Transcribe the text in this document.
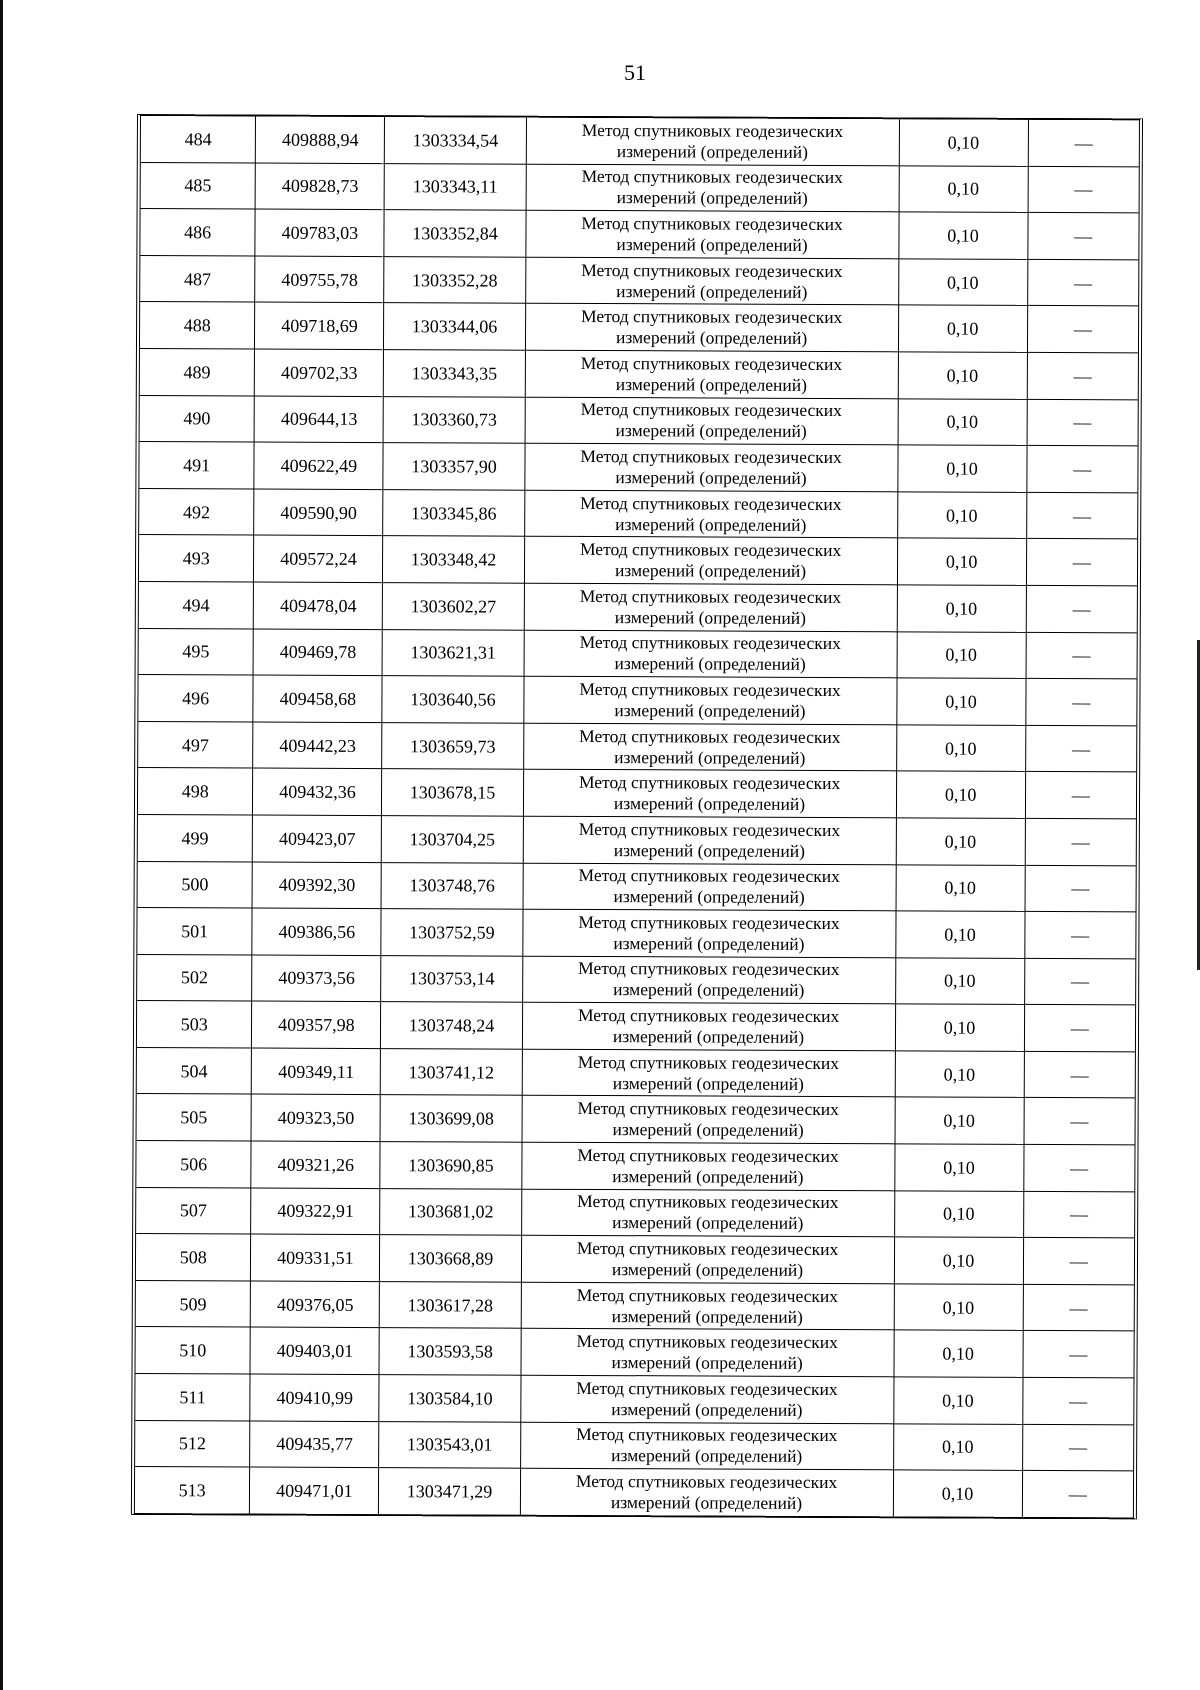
51
484	409888,94	1303334,54	Метод спутниковых геодезических
измерений (определений)	0,10	—
485	409828,73	1303343,11	Метод спутниковых геодезических
измерений (определений)	0,10	—
486	409783,03	1303352,84	Метод спутниковых геодезических
измерений (определений)	0,10	—
487	409755,78	1303352,28	Метод спутниковых геодезических
измерений (определений)	0,10	—
488	409718,69	1303344,06	Метод спутниковых геодезических
измерений (определений)	0,10	—
489	409702,33	1303343,35	Метод спутниковых геодезических
измерений (определений)	0,10	—
490	409644,13	1303360,73	Метод спутниковых геодезических
измерений (определений)	0,10	—
491	409622,49	1303357,90	Метод спутниковых геодезических
измерений (определений)	0,10	—
492	409590,90	1303345,86	Метод спутниковых геодезических
измерений (определений)	0,10	—
493	409572,24	1303348,42	Метод спутниковых геодезических
измерений (определений)	0,10	—
494	409478,04	1303602,27	Метод спутниковых геодезических
измерений (определений)	0,10	—
495	409469,78	1303621,31	Метод спутниковых геодезических
измерений (определений)	0,10	—
496	409458,68	1303640,56	Метод спутниковых геодезических
измерений (определений)	0,10	—
497	409442,23	1303659,73	Метод спутниковых геодезических
измерений (определений)	0,10	—
498	409432,36	1303678,15	Метод спутниковых геодезических
измерений (определений)	0,10	—
499	409423,07	1303704,25	Метод спутниковых геодезических
измерений (определений)	0,10	—
500	409392,30	1303748,76	Метод спутниковых геодезических
измерений (определений)	0,10	—
501	409386,56	1303752,59	Метод спутниковых геодезических
измерений (определений)	0,10	—
502	409373,56	1303753,14	Метод спутниковых геодезических
измерений (определений)	0,10	—
503	409357,98	1303748,24	Метод спутниковых геодезических
измерений (определений)	0,10	—
504	409349,11	1303741,12	Метод спутниковых геодезических
измерений (определений)	0,10	—
505	409323,50	1303699,08	Метод спутниковых геодезических
измерений (определений)	0,10	—
506	409321,26	1303690,85	Метод спутниковых геодезических
измерений (определений)	0,10	—
507	409322,91	1303681,02	Метод спутниковых геодезических
измерений (определений)	0,10	—
508	409331,51	1303668,89	Метод спутниковых геодезических
измерений (определений)	0,10	—
509	409376,05	1303617,28	Метод спутниковых геодезических
измерений (определений)	0,10	—
510	409403,01	1303593,58	Метод спутниковых геодезических
измерений (определений)	0,10	—
511	409410,99	1303584,10	Метод спутниковых геодезических
измерений (определений)	0,10	—
512	409435,77	1303543,01	Метод спутниковых геодезических
измерений (определений)	0,10	—
513	409471,01	1303471,29	Метод спутниковых геодезических
измерений (определений)	0,10	—
